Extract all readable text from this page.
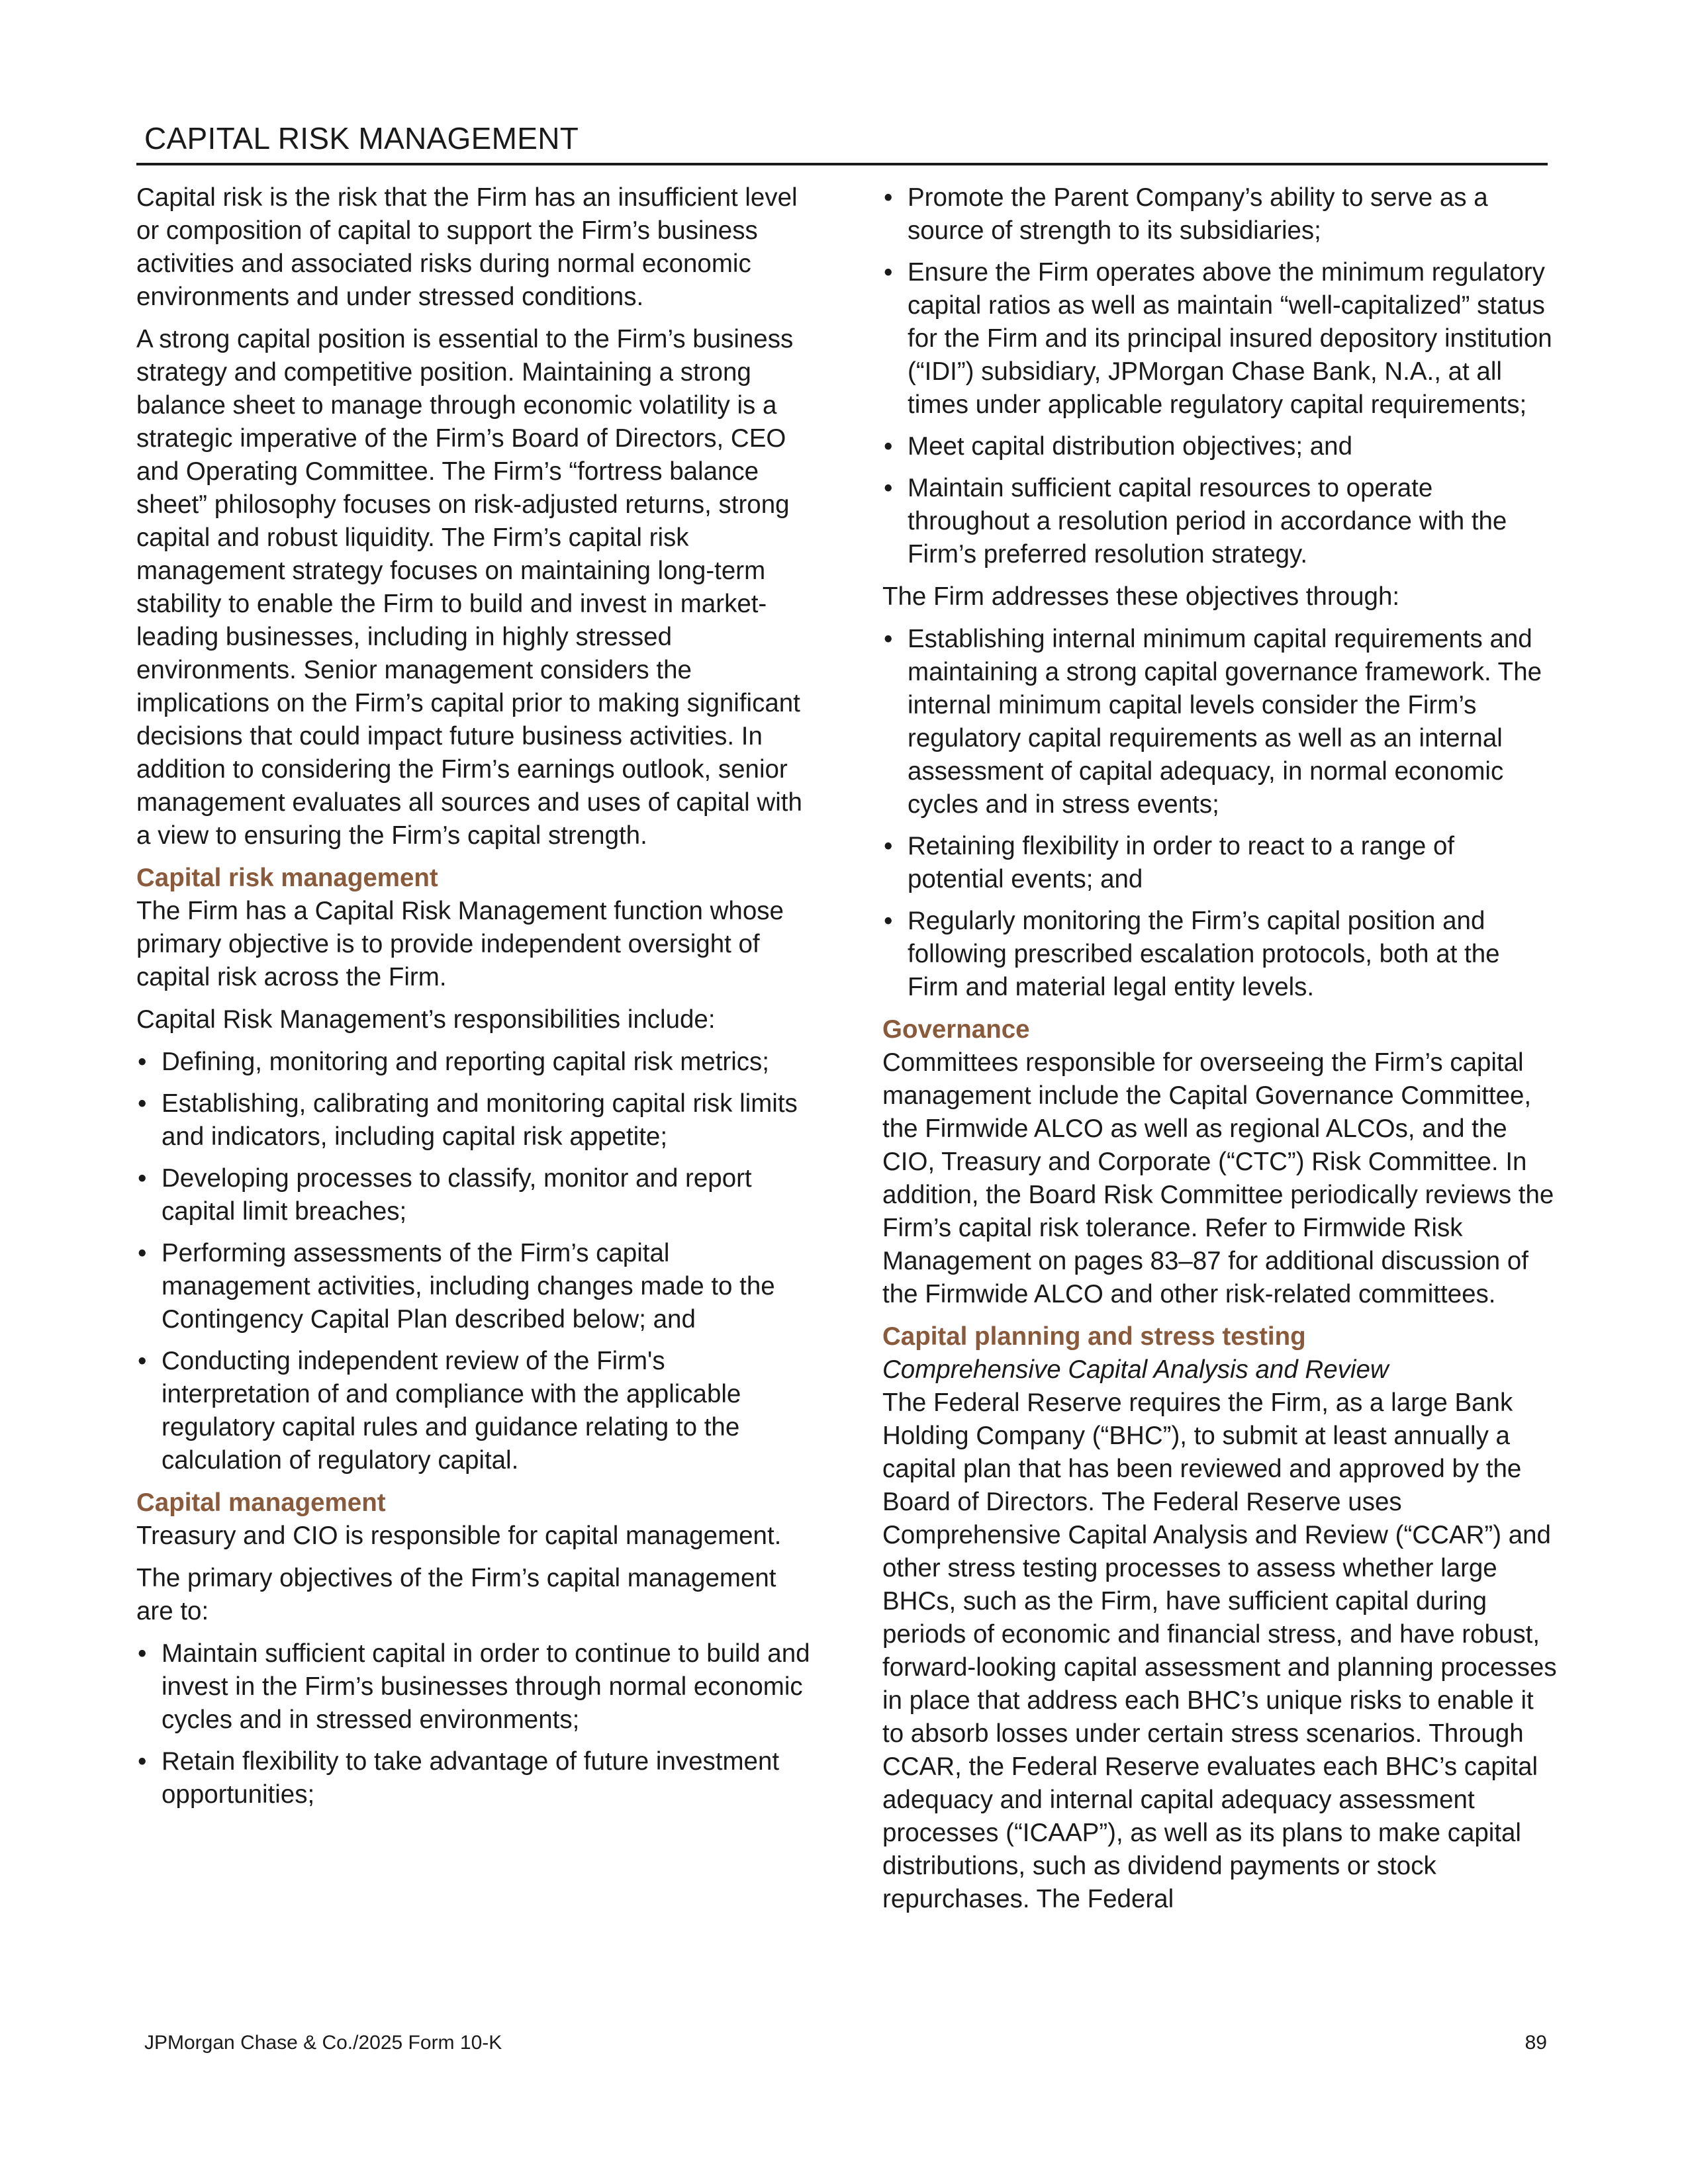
CAPITAL RISK MANAGEMENT

Capital risk is the risk that the Firm has an insufficient level or composition of capital to support the Firm’s business activities and associated risks during normal economic environments and under stressed conditions.

A strong capital position is essential to the Firm’s business strategy and competitive position. Maintaining a strong balance sheet to manage through economic volatility is a strategic imperative of the Firm’s Board of Directors, CEO and Operating Committee. The Firm’s “fortress balance sheet” philosophy focuses on risk-adjusted returns, strong capital and robust liquidity. The Firm’s capital risk management strategy focuses on maintaining long-term stability to enable the Firm to build and invest in market-leading businesses, including in highly stressed environments. Senior management considers the implications on the Firm’s capital prior to making significant decisions that could impact future business activities. In addition to considering the Firm’s earnings outlook, senior management evaluates all sources and uses of capital with a view to ensuring the Firm’s capital strength.

Capital risk management

The Firm has a Capital Risk Management function whose primary objective is to provide independent oversight of capital risk across the Firm.

Capital Risk Management’s responsibilities include:

• Defining, monitoring and reporting capital risk metrics;
• Establishing, calibrating and monitoring capital risk limits and indicators, including capital risk appetite;
• Developing processes to classify, monitor and report capital limit breaches;
• Performing assessments of the Firm’s capital management activities, including changes made to the Contingency Capital Plan described below; and
• Conducting independent review of the Firm's interpretation of and compliance with the applicable regulatory capital rules and guidance relating to the calculation of regulatory capital.
Capital management

Treasury and CIO is responsible for capital management.

The primary objectives of the Firm’s capital management are to:

• Maintain sufficient capital in order to continue to build and invest in the Firm’s businesses through normal economic cycles and in stressed environments;
• Retain flexibility to take advantage of future investment opportunities;
• Promote the Parent Company’s ability to serve as a source of strength to its subsidiaries;
• Ensure the Firm operates above the minimum regulatory capital ratios as well as maintain “well-capitalized” status for the Firm and its principal insured depository institution (“IDI”) subsidiary, JPMorgan Chase Bank, N.A., at all times under applicable regulatory capital requirements;
• Meet capital distribution objectives; and
• Maintain sufficient capital resources to operate throughout a resolution period in accordance with the Firm’s preferred resolution strategy.

The Firm addresses these objectives through:

• Establishing internal minimum capital requirements and maintaining a strong capital governance framework. The internal minimum capital levels consider the Firm’s regulatory capital requirements as well as an internal assessment of capital adequacy, in normal economic cycles and in stress events;
• Retaining flexibility in order to react to a range of potential events; and
• Regularly monitoring the Firm’s capital position and following prescribed escalation protocols, both at the Firm and material legal entity levels.
Governance

Committees responsible for overseeing the Firm’s capital management include the Capital Governance Committee, the Firmwide ALCO as well as regional ALCOs, and the CIO, Treasury and Corporate (“CTC”) Risk Committee. In addition, the Board Risk Committee periodically reviews the Firm’s capital risk tolerance. Refer to Firmwide Risk Management on pages 83–87 for additional discussion of the Firmwide ALCO and other risk-related committees.

Capital planning and stress testing
Comprehensive Capital Analysis and Review

The Federal Reserve requires the Firm, as a large Bank Holding Company (“BHC”), to submit at least annually a capital plan that has been reviewed and approved by the Board of Directors. The Federal Reserve uses Comprehensive Capital Analysis and Review (“CCAR”) and other stress testing processes to assess whether large BHCs, such as the Firm, have sufficient capital during periods of economic and financial stress, and have robust, forward-looking capital assessment and planning processes in place that address each BHC’s unique risks to enable it to absorb losses under certain stress scenarios. Through CCAR, the Federal Reserve evaluates each BHC’s capital adequacy and internal capital adequacy assessment processes (“ICAAP”), as well as its plans to make capital distributions, such as dividend payments or stock repurchases. The Federal

JPMorgan Chase & Co./2025 Form 10-K	89
